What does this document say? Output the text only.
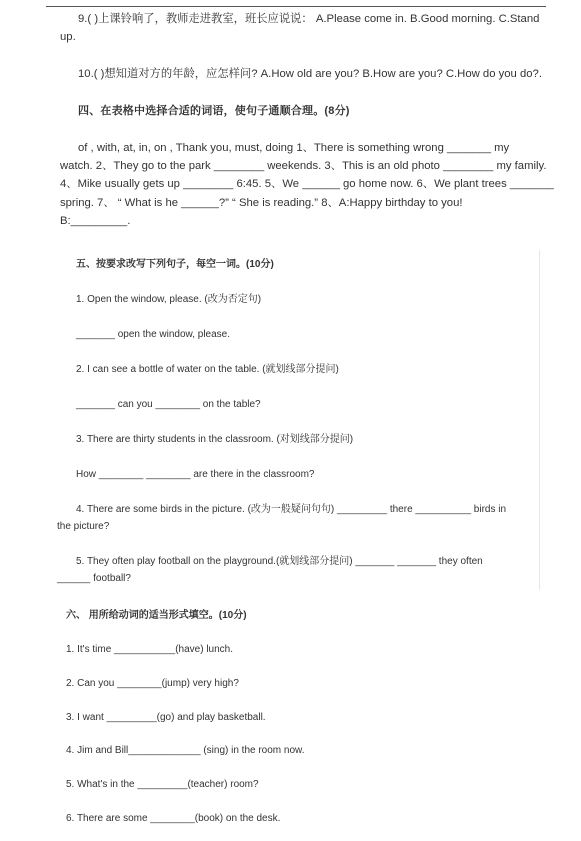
9.( )上课铃响了，教师走进教室，班长应说说： A.Please come in. B.Good morning. C.Stand
up.
10.( )想知道对方的年龄，应怎样问? A.How old are you? B.How are you? C.How do you do?.
四、在表格中选择合适的词语，使句子通顺合理。(8分)
of , with, at, in, on , Thank you, must, doing 1、There is something wrong _______ my
watch. 2、They go to the park ________ weekends. 3、This is an old photo ________ my family.
4、Mike usually gets up ________ 6:45. 5、We ______ go home now. 6、We plant trees _______
spring. 7、 “ What is he ______?” “ She is reading.” 8、A:Happy birthday to you!
B:_________.
五、按要求改写下列句子，每空一词。(10分)
1. Open the window, please. (改为否定句)
_______ open the window, please.
2. I can see a bottle of water on the table. (就划线部分提问)
_______ can you ________ on the table?
3. There are thirty students in the classroom. (对划线部分提问)
How ________ ________ are there in the classroom?
4. There are some birds in the picture. (改为一般疑问句句) _________ there __________ birds in
the picture?
5. They often play football on the playground.(就划线部分提问) _______ _______ they often
______ football?
六、 用所给动词的适当形式填空。(10分)
1. It's time ___________(have) lunch.
2. Can you ________(jump) very high?
3. I want _________(go) and play basketball.
4. Jim and Bill_____________ (sing) in the room now.
5. What's in the _________(teacher) room?
6. There are some ________(book) on the desk.
